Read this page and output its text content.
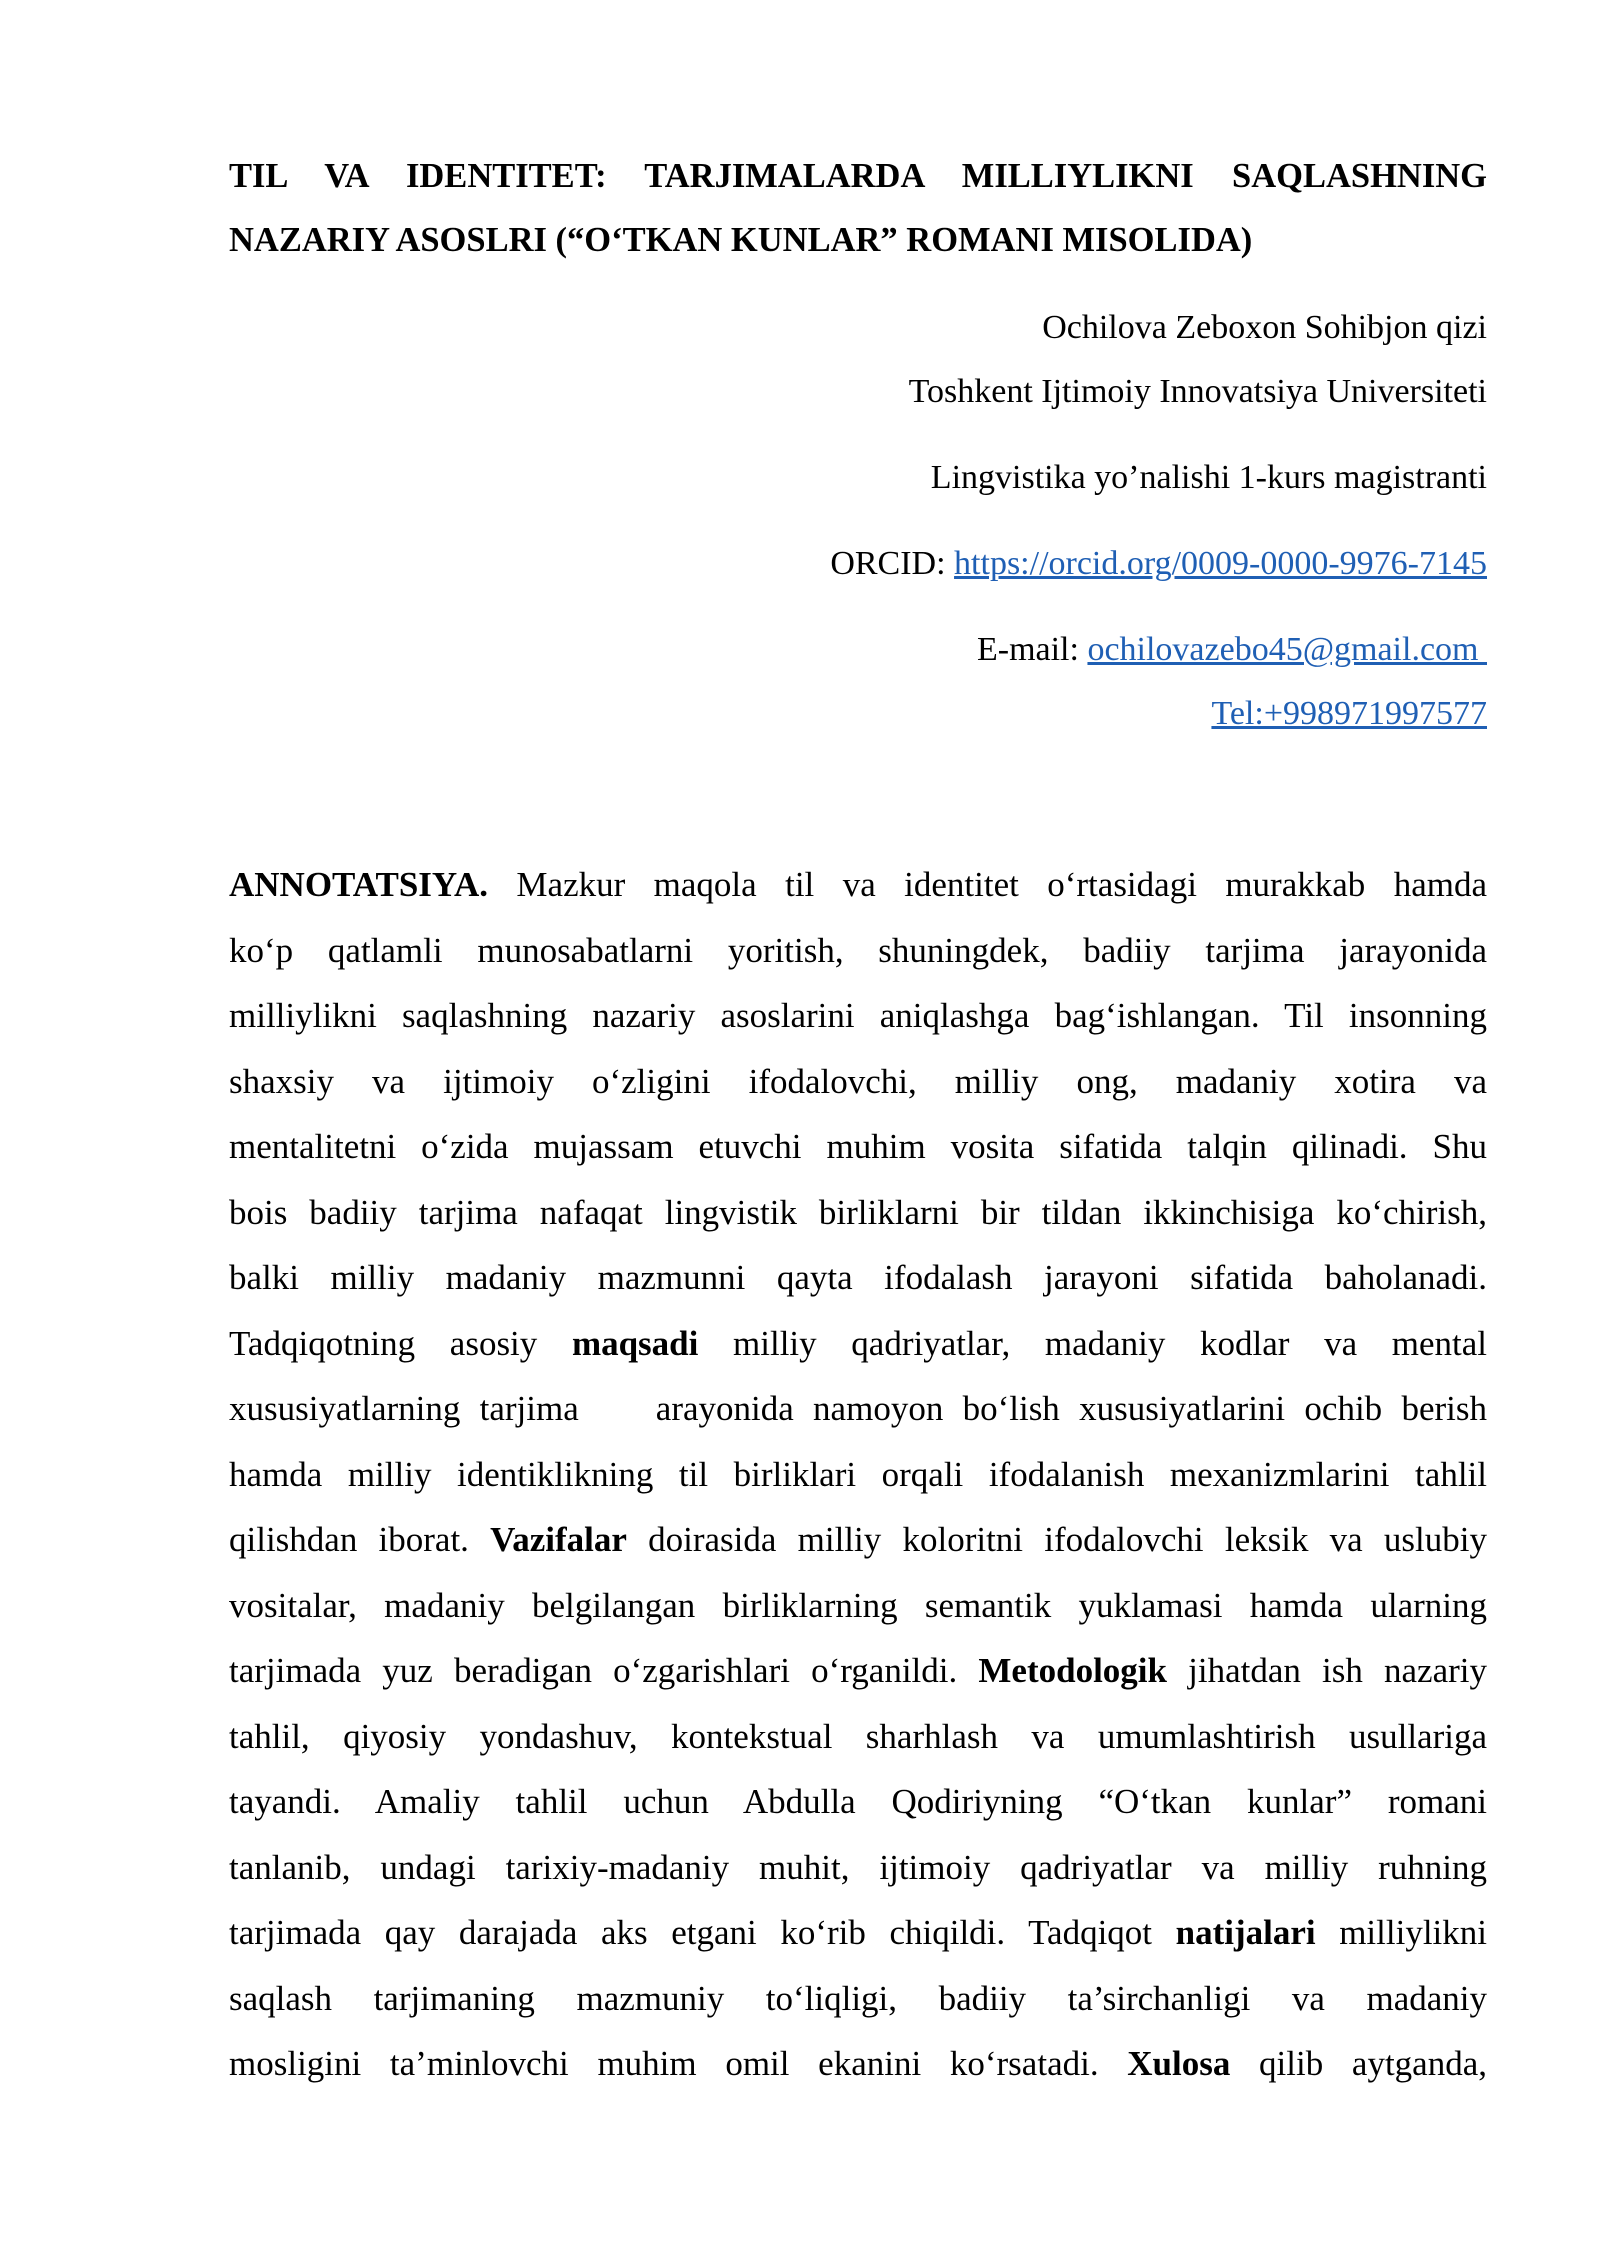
TIL VA IDENTITET: TARJIMALARDA MILLIYLIKNI SAQLASHNING
NAZARIY ASOSLRI (“O‘TKAN KUNLAR” ROMANI MISOLIDA)
Ochilova Zeboxon Sohibjon qizi
Toshkent Ijtimoiy Innovatsiya Universiteti
Lingvistika yo’nalishi 1-kurs magistranti
ORCID: https://orcid.org/0009-0000-9976-7145
E-mail: ochilovazebo45@gmail.com
Tel:+998971997577
ANNOTATSIYA. Mazkur maqola til va identitet o‘rtasidagi murakkab hamda
ko‘p qatlamli munosabatlarni yoritish, shuningdek, badiiy tarjima jarayonida
milliylikni saqlashning nazariy asoslarini aniqlashga bag‘ishlangan. Til insonning
shaxsiy va ijtimoiy o‘zligini ifodalovchi, milliy ong, madaniy xotira va
mentalitetni o‘zida mujassam etuvchi muhim vosita sifatida talqin qilinadi. Shu
bois badiiy tarjima nafaqat lingvistik birliklarni bir tildan ikkinchisiga ko‘chirish,
balki milliy madaniy mazmunni qayta ifodalash jarayoni sifatida baholanadi.
Tadqiqotning asosiy maqsadi milliy qadriyatlar, madaniy kodlar va mental
xususiyatlarning tarjima    arayonida namoyon bo‘lish xususiyatlarini ochib berish
hamda milliy identiklikning til birliklari orqali ifodalanish mexanizmlarini tahlil
qilishdan iborat. Vazifalar doirasida milliy koloritni ifodalovchi leksik va uslubiy
vositalar, madaniy belgilangan birliklarning semantik yuklamasi hamda ularning
tarjimada yuz beradigan o‘zgarishlari o‘rganildi. Metodologik jihatdan ish nazariy
tahlil, qiyosiy yondashuv, kontekstual sharhlash va umumlashtirish usullariga
tayandi. Amaliy tahlil uchun Abdulla Qodiriyning “O‘tkan kunlar” romani
tanlanib, undagi tarixiy-madaniy muhit, ijtimoiy qadriyatlar va milliy ruhning
tarjimada qay darajada aks etgani ko‘rib chiqildi. Tadqiqot natijalari milliylikni
saqlash tarjimaning mazmuniy to‘liqligi, badiiy ta’sirchanligi va madaniy
mosligini ta’minlovchi muhim omil ekanini ko‘rsatadi. Xulosa qilib aytganda,
